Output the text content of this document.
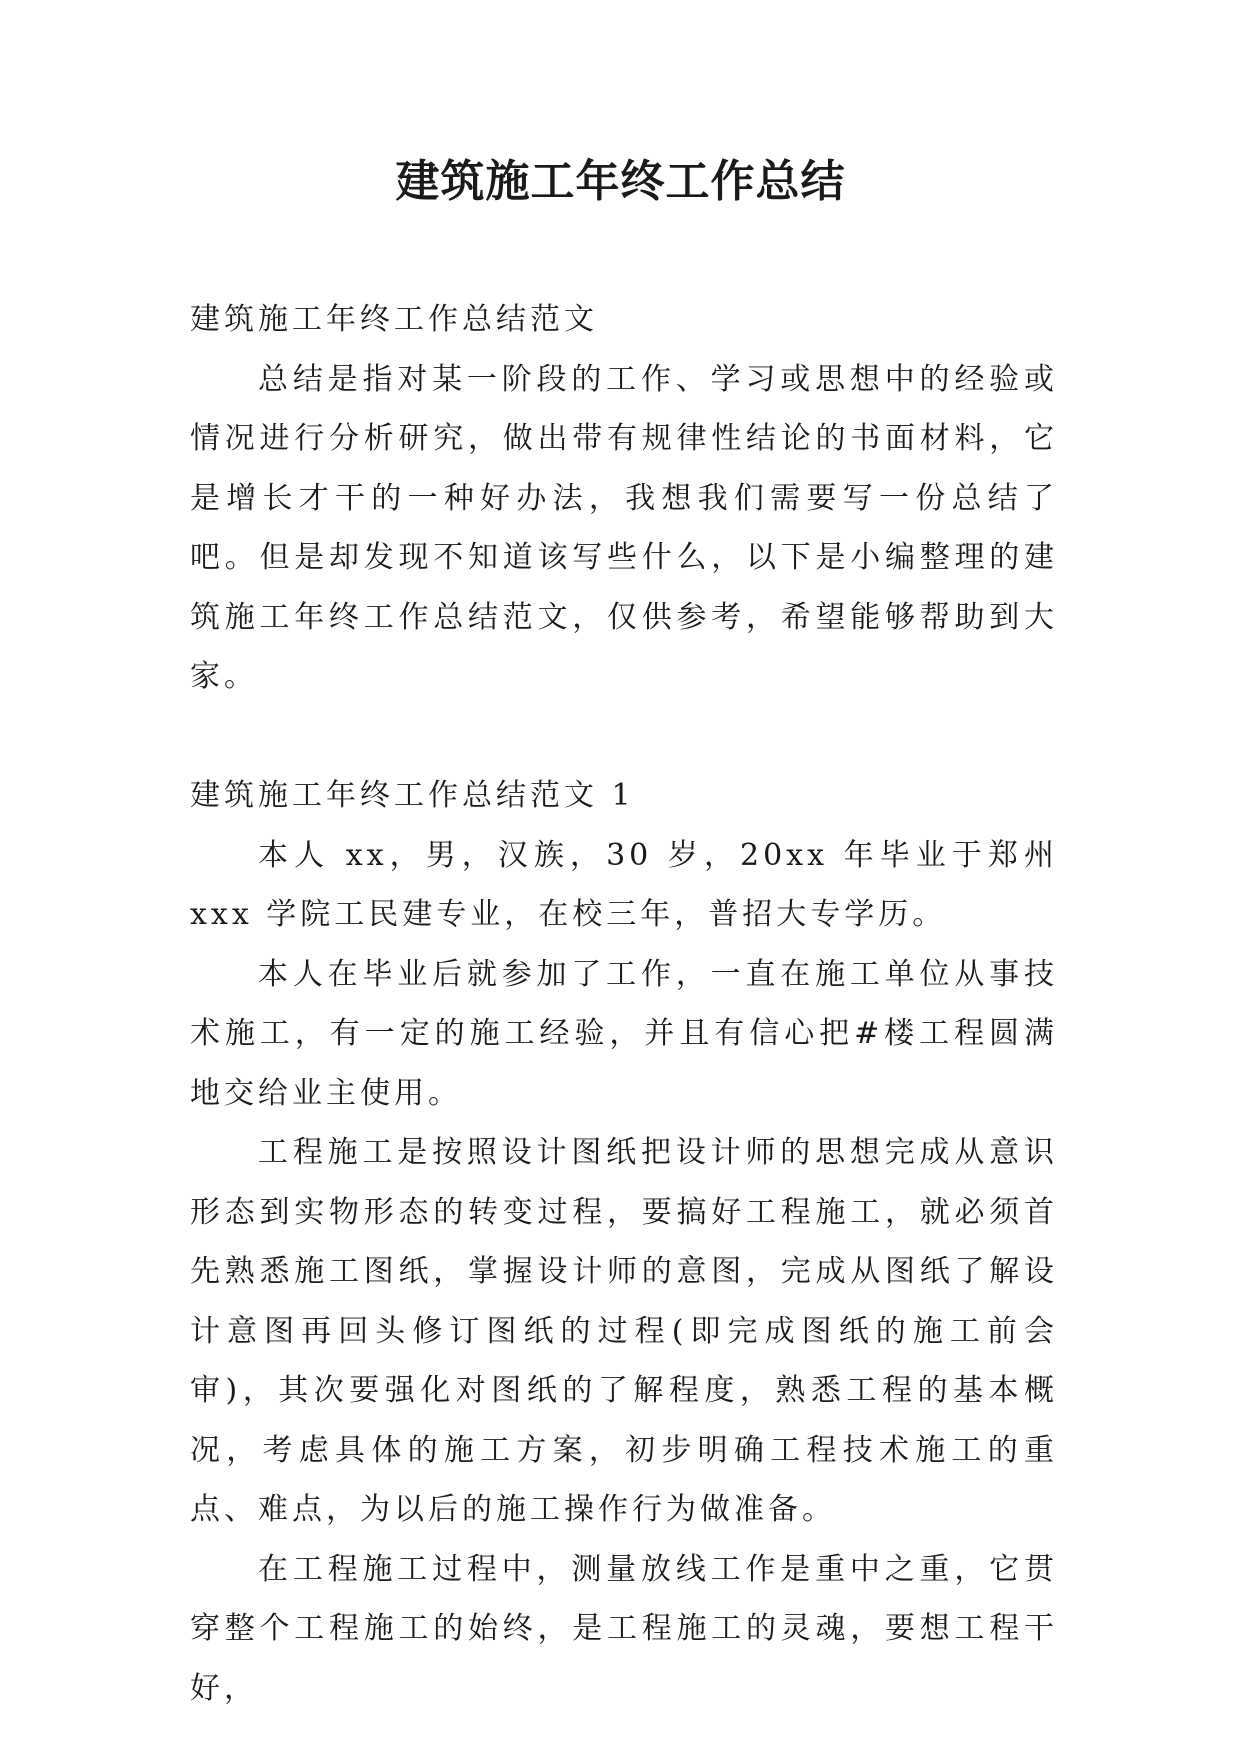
建筑施工年终工作总结

建筑施工年终工作总结范文

总结是指对某一阶段的工作、学习或思想中的经验或情况进行分析研究，做出带有规律性结论的书面材料，它是增长才干的一种好办法，我想我们需要写一份总结了吧。但是却发现不知道该写些什么，以下是小编整理的建筑施工年终工作总结范文，仅供参考，希望能够帮助到大家。

建筑施工年终工作总结范文 1

本人 xx，男，汉族，30 岁，20xx 年毕业于郑州 xxx 学院工民建专业，在校三年，普招大专学历。

本人在毕业后就参加了工作，一直在施工单位从事技术施工，有一定的施工经验，并且有信心把#楼工程圆满地交给业主使用。

工程施工是按照设计图纸把设计师的思想完成从意识形态到实物形态的转变过程，要搞好工程施工，就必须首先熟悉施工图纸，掌握设计师的意图，完成从图纸了解设计意图再回头修订图纸的过程(即完成图纸的施工前会审)，其次要强化对图纸的了解程度，熟悉工程的基本概况，考虑具体的施工方案，初步明确工程技术施工的重点、难点，为以后的施工操作行为做准备。

在工程施工过程中，测量放线工作是重中之重，它贯穿整个工程施工的始终，是工程施工的灵魂，要想工程干好，
